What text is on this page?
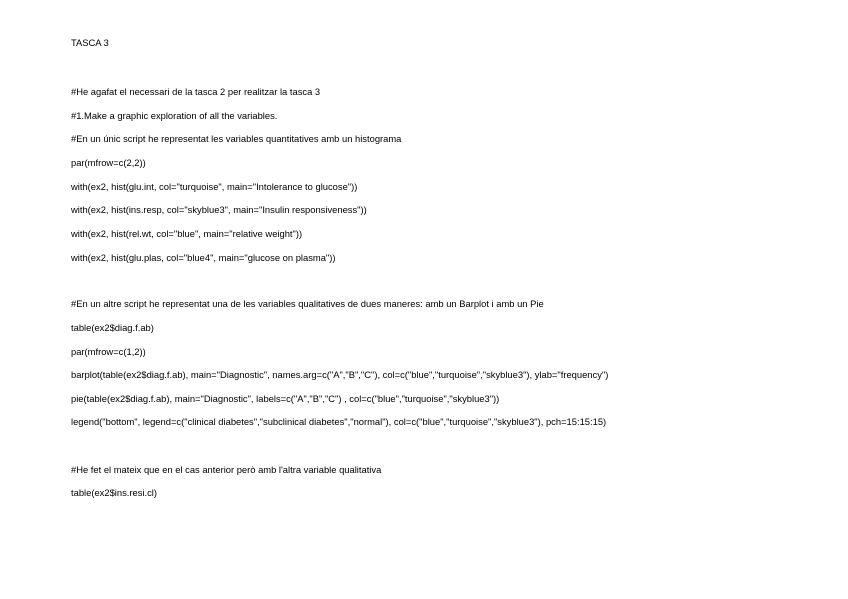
TASCA 3
#He agafat el necessari de la tasca 2 per realitzar la tasca 3
#1.Make a graphic exploration of all the variables.
#En un únic script he representat les variables quantitatives amb un histograma
par(mfrow=c(2,2))
with(ex2, hist(glu.int, col="turquoise", main="Intolerance to glucose"))
with(ex2, hist(ins.resp, col="skyblue3", main="Insulin responsiveness"))
with(ex2, hist(rel.wt, col="blue", main="relative weight"))
with(ex2, hist(glu.plas, col="blue4", main="glucose on plasma"))
#En un altre script he representat una de les variables qualitatives de dues maneres: amb un Barplot i amb un Pie
table(ex2$diag.f.ab)
par(mfrow=c(1,2))
barplot(table(ex2$diag.f.ab), main="Diagnostic", names.arg=c("A","B","C"), col=c("blue","turquoise","skyblue3"), ylab="frequency")
pie(table(ex2$diag.f.ab), main="Diagnostic", labels=c("A","B","C") , col=c("blue","turquoise","skyblue3"))
legend("bottom", legend=c("clinical diabetes","subclinical diabetes","normal"), col=c("blue","turquoise","skyblue3"), pch=15:15:15)
#He fet el mateix que en el cas anterior però amb l'altra variable qualitativa
table(ex2$ins.resi.cl)
